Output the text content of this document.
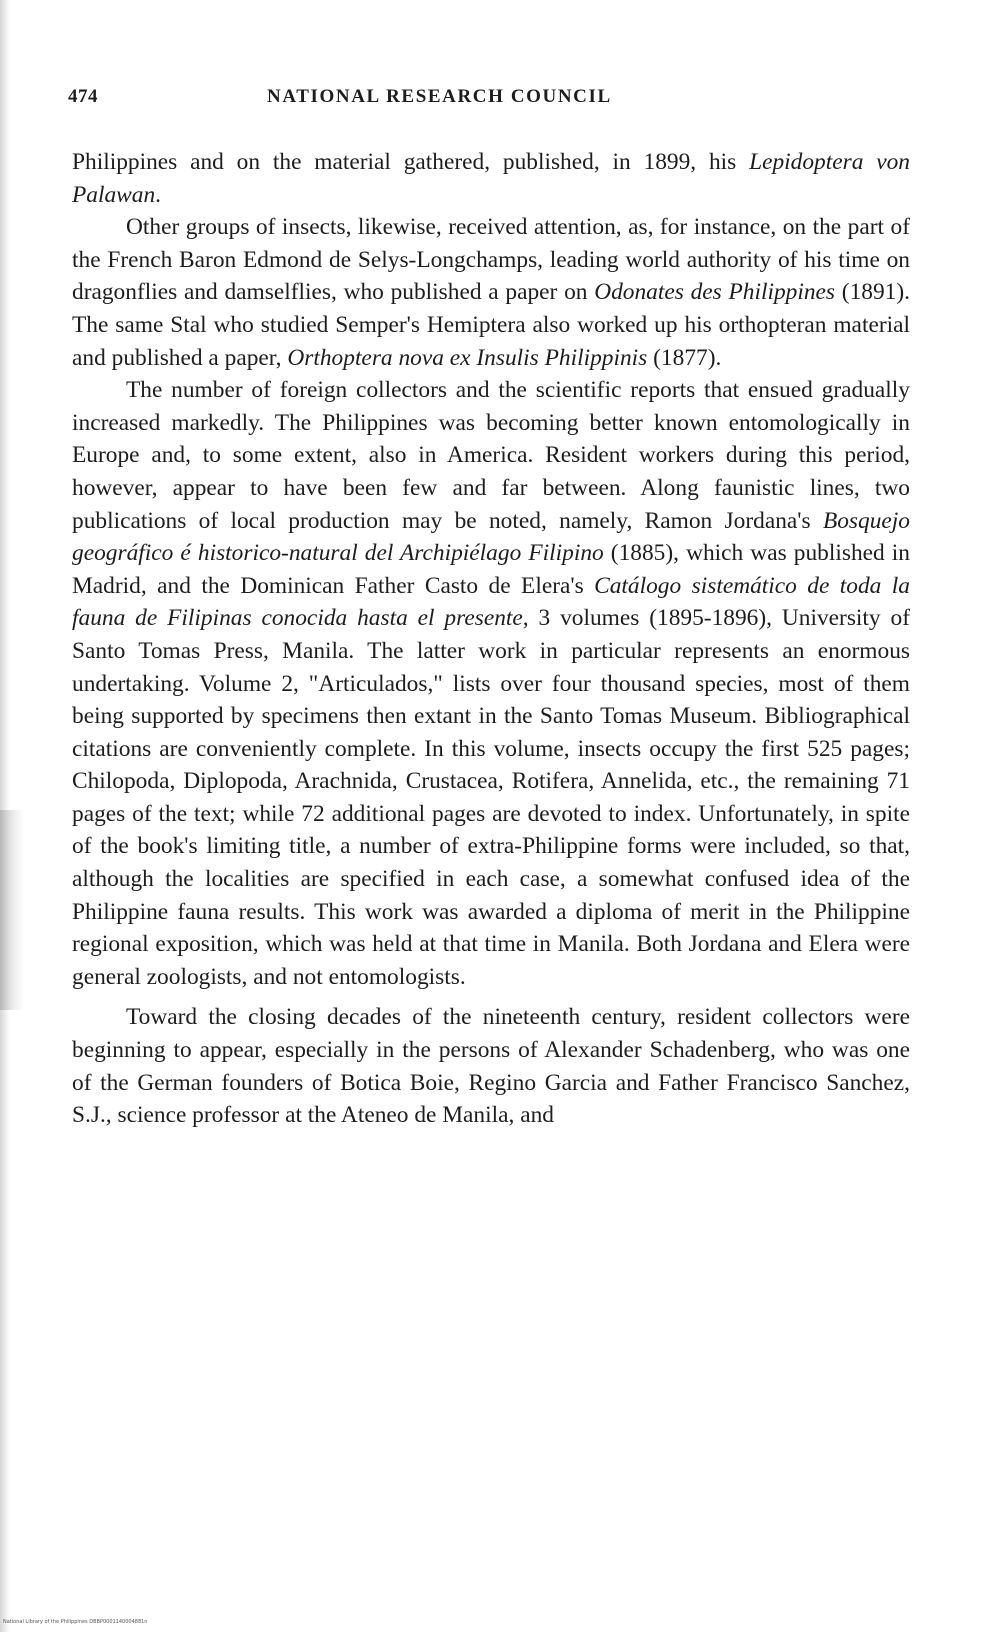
474	NATIONAL RESEARCH COUNCIL

Philippines and on the material gathered, published, in 1899, his Lepidoptera von Palawan.

Other groups of insects, likewise, received attention, as, for instance, on the part of the French Baron Edmond de Selys-Longchamps, leading world authority of his time on dragonflies and damselflies, who published a paper on Odonates des Philippines (1891). The same Stal who studied Semper's Hemiptera also worked up his orthopteran material and published a paper, Orthoptera nova ex Insulis Philippinis (1877).

The number of foreign collectors and the scientific reports that ensued gradually increased markedly. The Philippines was becoming better known entomologically in Europe and, to some extent, also in America. Resident workers during this period, however, appear to have been few and far between. Along faunistic lines, two publications of local production may be noted, namely, Ramon Jordana's Bosquejo geográfico é historico-natural del Archipiélago Filipino (1885), which was published in Madrid, and the Dominican Father Casto de Elera's Catálogo sistemático de toda la fauna de Filipinas conocida hasta el presente, 3 volumes (1895-1896), University of Santo Tomas Press, Manila. The latter work in particular represents an enormous undertaking. Volume 2, "Articulados," lists over four thousand species, most of them being supported by specimens then extant in the Santo Tomas Museum. Bibliographical citations are conveniently complete. In this volume, insects occupy the first 525 pages; Chilopoda, Diplopoda, Arachnida, Crustacea, Rotifera, Annelida, etc., the remaining 71 pages of the text; while 72 additional pages are devoted to index. Unfortunately, in spite of the book's limiting title, a number of extra-Philippine forms were included, so that, although the localities are specified in each case, a somewhat confused idea of the Philippine fauna results. This work was awarded a diploma of merit in the Philippine regional exposition, which was held at that time in Manila. Both Jordana and Elera were general zoologists, and not entomologists.

Toward the closing decades of the nineteenth century, resident collectors were beginning to appear, especially in the persons of Alexander Schadenberg, who was one of the German founders of Botica Boie, Regino Garcia and Father Francisco Sanchez, S.J., science professor at the Ateneo de Manila, and

National Library of the Philippines DBBP0001140004881n
